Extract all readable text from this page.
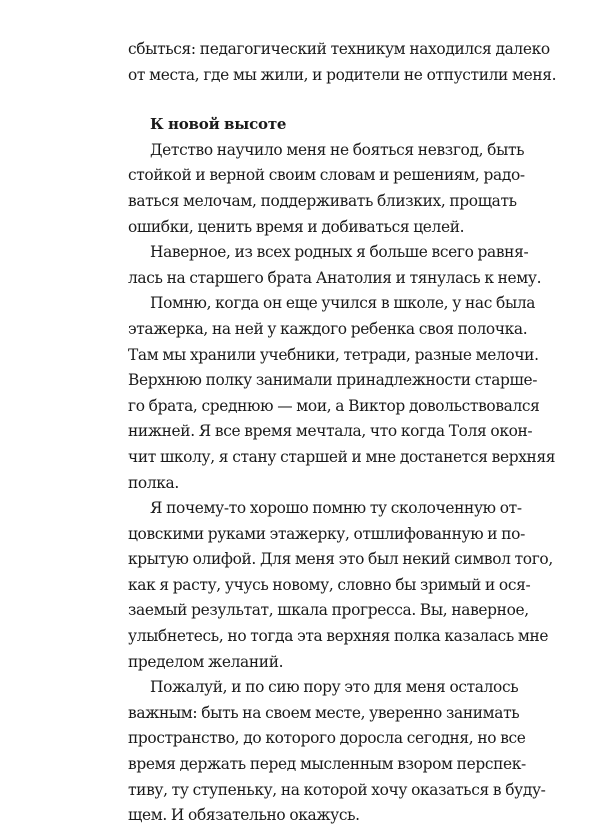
сбыться: педагогический техникум находился далеко
от места, где мы жили, и родители не отпустили меня.
К новой высоте
Детство научило меня не бояться невзгод, быть
стойкой и верной своим словам и решениям, радо-
ваться мелочам, поддерживать близких, прощать
ошибки, ценить время и добиваться целей.
Наверное, из всех родных я больше всего равня-
лась на старшего брата Анатолия и тянулась к нему.
Помню, когда он еще учился в школе, у нас была
этажерка, на ней у каждого ребенка своя полочка.
Там мы хранили учебники, тетради, разные мелочи.
Верхнюю полку занимали принадлежности старше-
го брата, среднюю — мои, а Виктор довольствовался
нижней. Я все время мечтала, что когда Толя окон-
чит школу, я стану старшей и мне достанется верхняя
полка.
Я почему-то хорошо помню ту сколоченную от-
цовскими руками этажерку, отшлифованную и по-
крытую олифой. Для меня это был некий символ того,
как я расту, учусь новому, словно бы зримый и ося-
заемый результат, шкала прогресса. Вы, наверное,
улыбнетесь, но тогда эта верхняя полка казалась мне
пределом желаний.
Пожалуй, и по сию пору это для меня осталось
важным: быть на своем месте, уверенно занимать
пространство, до которого доросла сегодня, но все
время держать перед мысленным взором перспек-
тиву, ту ступеньку, на которой хочу оказаться в буду-
щем. И обязательно окажусь.
